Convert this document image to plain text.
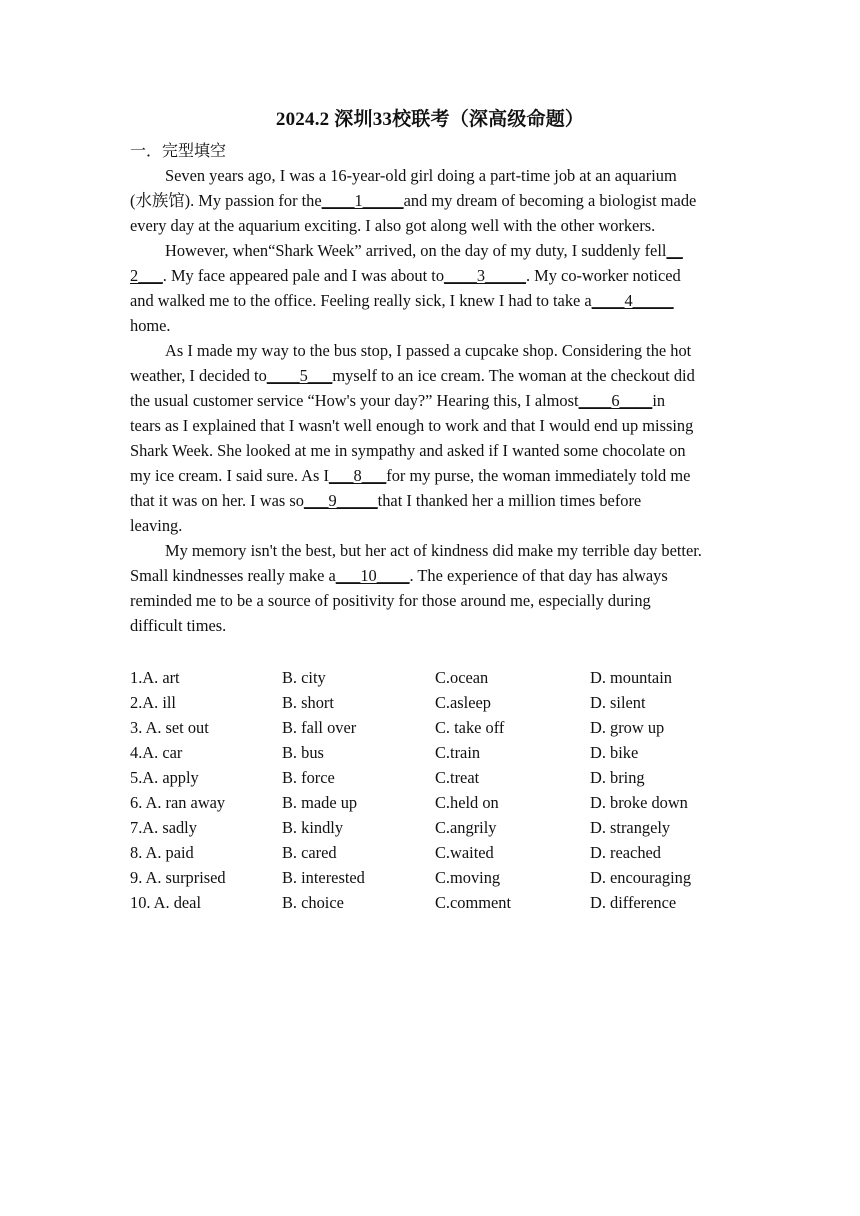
2024.2 深圳33校联考（深高级命题）
一．完型填空

Seven years ago, I was a 16-year-old girl doing a part-time job at an aquarium
(水族馆). My passion for the____1_____and my dream of becoming a biologist made
every day at the aquarium exciting. I also got along well with the other workers.

However, when“Shark Week” arrived, on the day of my duty, I suddenly fell__
2___. My face appeared pale and I was about to____3_____. My co-worker noticed
and walked me to the office. Feeling really sick, I knew I had to take a____4_____
home.

As I made my way to the bus stop, I passed a cupcake shop. Considering the hot
weather, I decided to____5___myself to an ice cream. The woman at the checkout did
the usual customer service “How's your day?” Hearing this, I almost____6____in
tears as I explained that I wasn't well enough to work and that I would end up missing
Shark Week. She looked at me in sympathy and asked if I wanted some chocolate on
my ice cream. I said sure. As I___8___for my purse, the woman immediately told me
that it was on her. I was so___9_____that I thanked her a million times before
leaving.

My memory isn't the best, but her act of kindness did make my terrible day better.
Small kindnesses really make a___10____. The experience of that day has always
reminded me to be a source of positivity for those around me, especially during
difficult times.

1.A. art	B. city	C.ocean	D. mountain
2.A. ill	B. short	C.asleep	D. silent
3. A. set out	B. fall over	C. take off	D. grow up
4.A. car	B. bus	C.train	D. bike
5.A. apply	B. force	C.treat	D. bring
6. A. ran away	B. made up	C.held on	D. broke down
7.A. sadly	B. kindly	C.angrily	D. strangely
8. A. paid	B. cared	C.waited	D. reached
9. A. surprised	B. interested	C.moving	D. encouraging
10. A. deal	B. choice	C.comment	D. difference
